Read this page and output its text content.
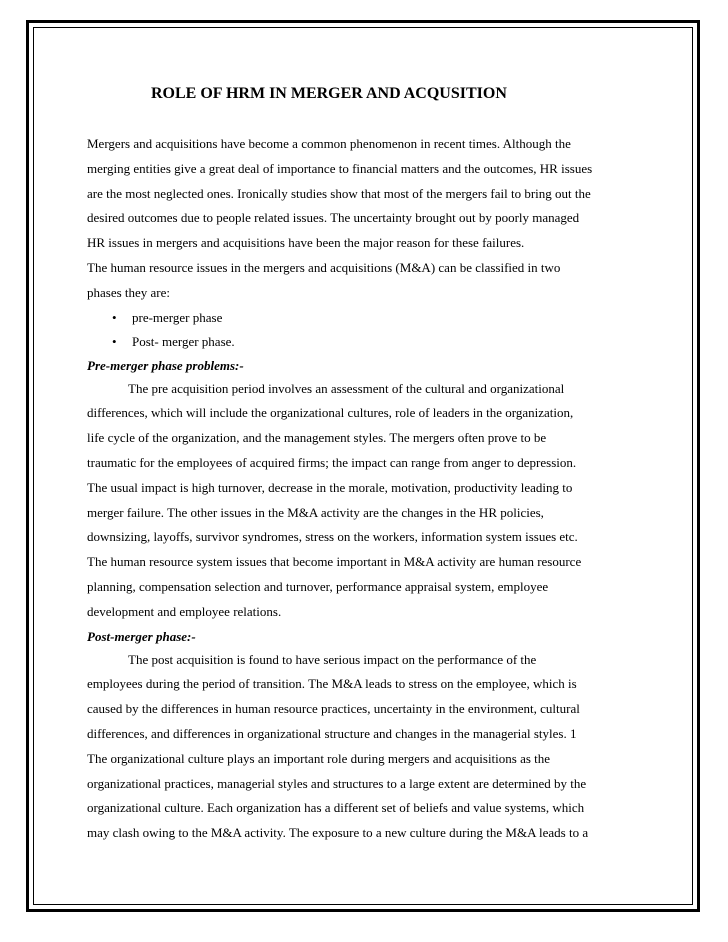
ROLE OF HRM IN MERGER AND ACQUSITION
Mergers and acquisitions have become a common phenomenon in recent times. Although the
merging entities give a great deal of importance to financial matters and the outcomes, HR issues
are the most neglected ones. Ironically studies show that most of the mergers fail to bring out the
desired outcomes due to people related issues. The uncertainty brought out by poorly managed
HR issues in mergers and acquisitions have been the major reason for these failures.
The human resource issues in the mergers and acquisitions (M&A) can be classified in two
phases they are:
• pre-merger phase
• Post- merger phase.
Pre-merger phase problems:-
The pre acquisition period involves an assessment of the cultural and organizational
differences, which will include the organizational cultures, role of leaders in the organization,
life cycle of the organization, and the management styles. The mergers often prove to be
traumatic for the employees of acquired firms; the impact can range from anger to depression.
The usual impact is high turnover, decrease in the morale, motivation, productivity leading to
merger failure. The other issues in the M&A activity are the changes in the HR policies,
downsizing, layoffs, survivor syndromes, stress on the workers, information system issues etc.
The human resource system issues that become important in M&A activity are human resource
planning, compensation selection and turnover, performance appraisal system, employee
development and employee relations.
Post-merger phase:-
The post acquisition is found to have serious impact on the performance of the
employees during the period of transition. The M&A leads to stress on the employee, which is
caused by the differences in human resource practices, uncertainty in the environment, cultural
differences, and differences in organizational structure and changes in the managerial styles. 1
The organizational culture plays an important role during mergers and acquisitions as the
organizational practices, managerial styles and structures to a large extent are determined by the
organizational culture. Each organization has a different set of beliefs and value systems, which
may clash owing to the M&A activity. The exposure to a new culture during the M&A leads to a
